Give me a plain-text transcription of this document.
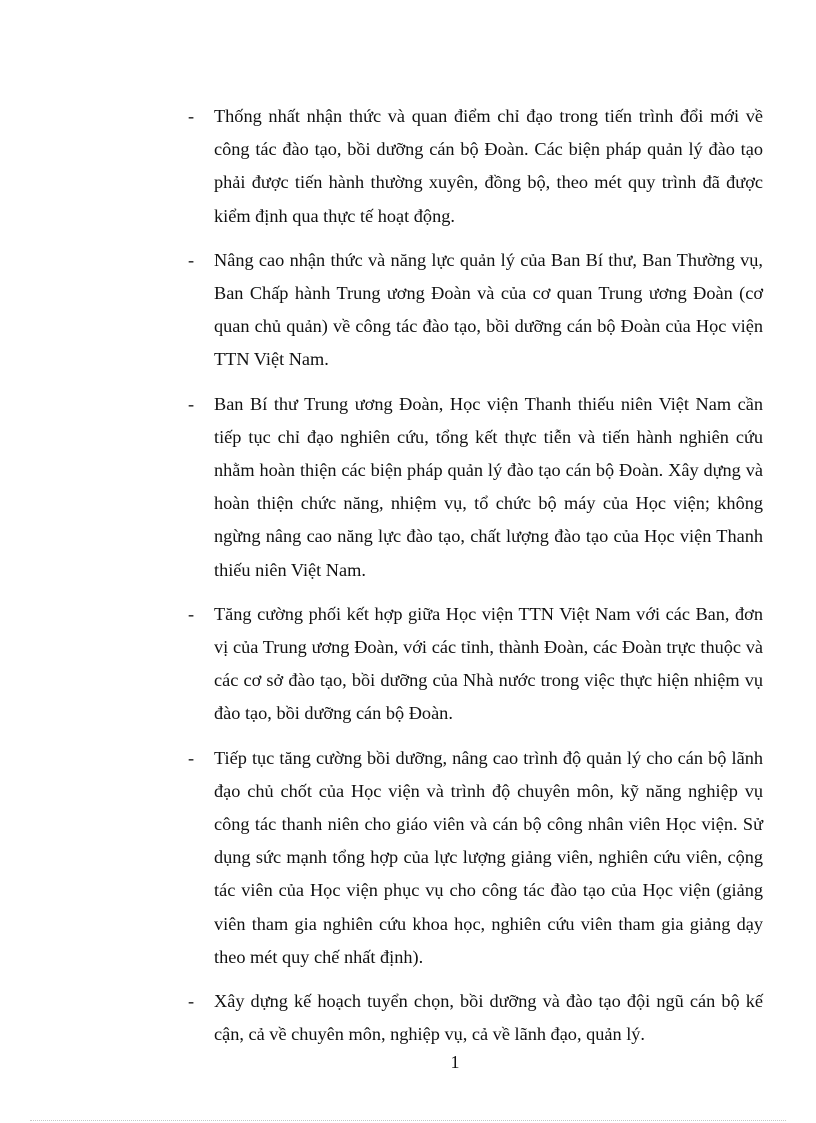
- Thống nhất nhận thức và quan điểm chỉ đạo trong tiến trình đổi mới về công tác đào tạo, bồi dưỡng cán bộ Đoàn. Các biện pháp quản lý đào tạo phải được tiến hành thường xuyên, đồng bộ, theo mét quy trình đã được kiểm định qua thực tế hoạt động.
- Nâng cao nhận thức và năng lực quản lý của Ban Bí thư, Ban Thường vụ, Ban Chấp hành Trung ương Đoàn và của cơ quan Trung ương Đoàn (cơ quan chủ quản) về công tác đào tạo, bồi dưỡng cán bộ Đoàn của Học viện TTN Việt Nam.
- Ban Bí thư Trung ương Đoàn, Học viện Thanh thiếu niên Việt Nam cần tiếp tục chỉ đạo nghiên cứu, tổng kết thực tiễn và tiến hành nghiên cứu nhằm hoàn thiện các biện pháp quản lý đào tạo cán bộ Đoàn. Xây dựng và hoàn thiện chức năng, nhiệm vụ, tổ chức bộ máy của Học viện; không ngừng nâng cao năng lực đào tạo, chất lượng đào tạo của Học viện Thanh thiếu niên Việt Nam.
- Tăng cường phối kết hợp giữa Học viện TTN Việt Nam với các Ban, đơn vị của Trung ương Đoàn, với các tỉnh, thành Đoàn, các Đoàn trực thuộc và các cơ sở đào tạo, bồi dưỡng của Nhà nước trong việc thực hiện nhiệm vụ đào tạo, bồi dưỡng cán bộ Đoàn.
- Tiếp tục tăng cường bồi dưỡng, nâng cao trình độ quản lý cho cán bộ lãnh đạo chủ chốt của Học viện và trình độ chuyên môn, kỹ năng nghiệp vụ công tác thanh niên cho giáo viên và cán bộ công nhân viên Học viện. Sử dụng sức mạnh tổng hợp của lực lượng giảng viên, nghiên cứu viên, cộng tác viên của Học viện phục vụ cho công tác đào tạo của Học viện (giảng viên tham gia nghiên cứu khoa học, nghiên cứu viên tham gia giảng dạy theo mét quy chế nhất định).
- Xây dựng kế hoạch tuyển chọn, bồi dưỡng và đào tạo đội ngũ cán bộ kế cận, cả về chuyên môn, nghiệp vụ, cả về lãnh đạo, quản lý.
1
